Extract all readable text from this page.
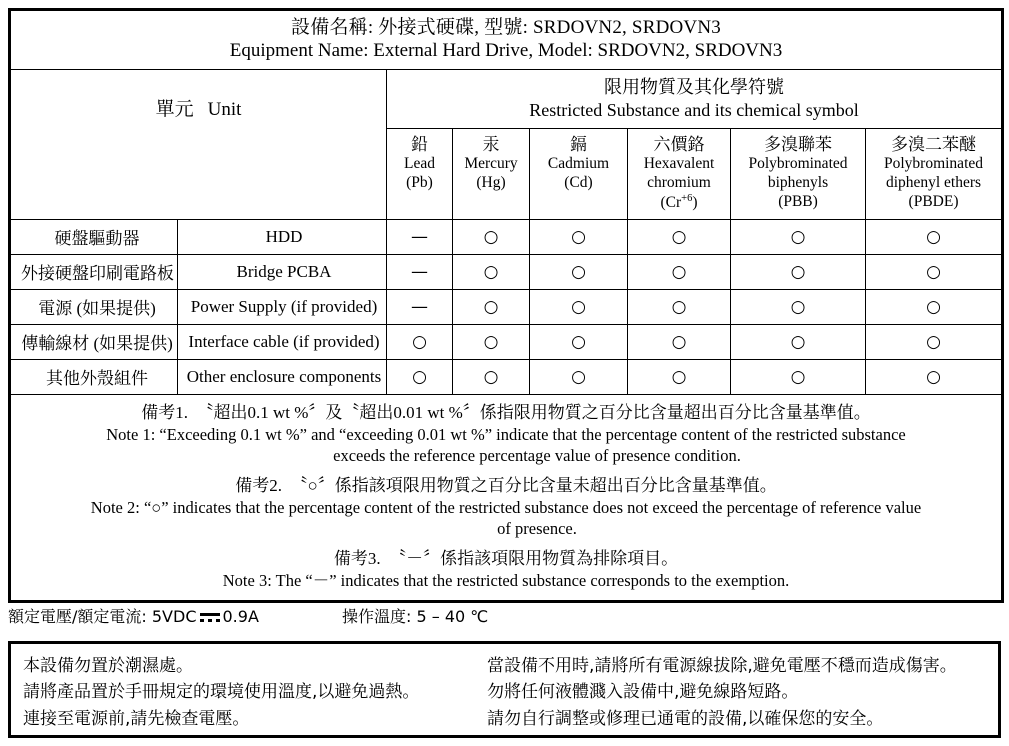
設備名稱: 外接式硬碟, 型號: SRDOVN2, SRDOVN3
Equipment Name: External Hard Drive, Model: SRDOVN2, SRDOVN3							

單元 Unit		限用物質及其化學符號
Restricted Substance and its chemical symbol					

		鉛
Lead
(Pb)	汞
Mercury
(Hg)	鎘
Cadmium
(Cd)	六價鉻
Hexavalent
chromium
$(Cr^{+6})$	多溴聯苯
Polybrominated
biphenyls
(PBB)	多溴二苯醚
Polybrominated
diphenyl ethers
(PBDE)

硬盤驅動器	HDD	—	○	○	○	○	○
外接硬盤印刷電路板	Bridge PCBA	—	○	○	○	○	○
電源 (如果提供)	Power Supply (if provided)	—	○	○	○	○	○
傳輸線材 (如果提供)	Interface cable (if provided)	○	○	○	○	○	○
其他外殼組件	Other enclosure components	○	○	○	○	○	○

備考1.　〝超出0.1 wt %〞及〝超出0.01 wt %〞係指限用物質之百分比含量超出百分比含量基準值。
Note 1: “Exceeding 0.1 wt %” and “exceeding 0.01 wt %” indicate that the percentage content of the restricted substance
exceeds the reference percentage value of presence condition.
備考2.　〝○〞係指該項限用物質之百分比含量未超出百分比含量基準值。
Note 2: “○” indicates that the percentage content of the restricted substance does not exceed the percentage of reference value
of presence.
備考3.　〝－〞係指該項限用物質為排除項目。
Note 3: The “－” indicates that the restricted substance corresponds to the exemption.
額定電壓/額定電流: 5VDC 0.9A	操作溫度: 5 – 40 ℃
本設備勿置於潮濕處。
請將產品置於手冊規定的環境使用溫度,以避免過熱。
連接至電源前,請先檢查電壓。
當設備不用時,請將所有電源線拔除,避免電壓不穩而造成傷害。
勿將任何液體濺入設備中,避免線路短路。
請勿自行調整或修理已通電的設備,以確保您的安全。
